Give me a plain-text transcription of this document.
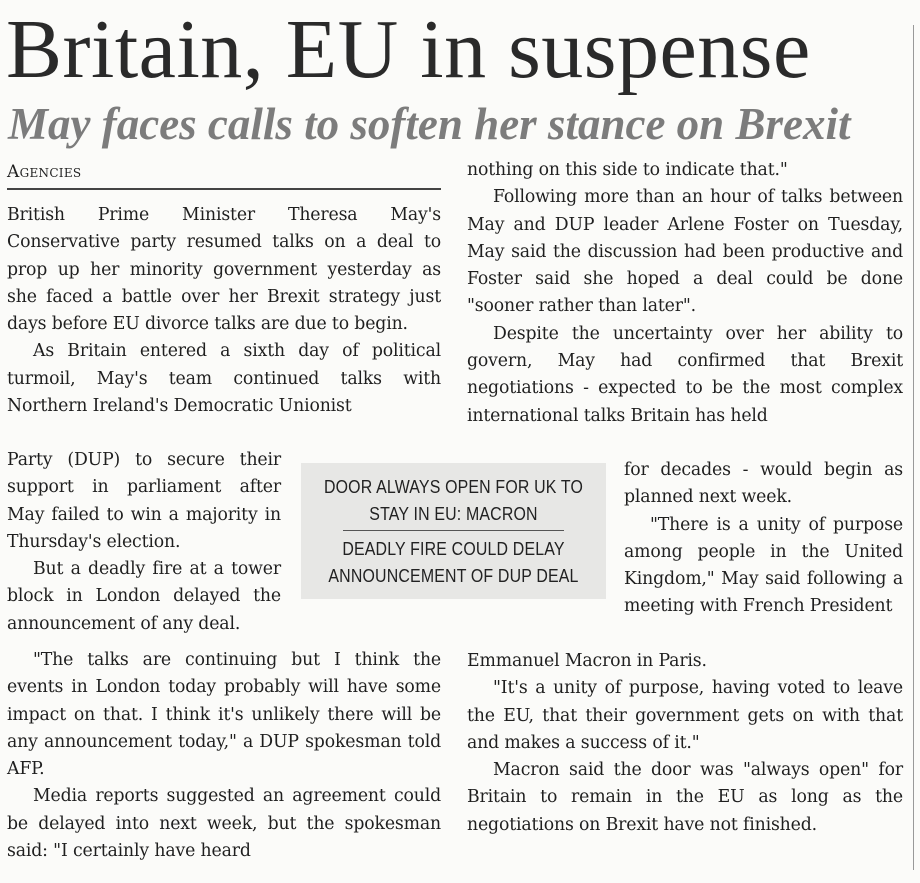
Britain, EU in suspense
May faces calls to soften her stance on Brexit
Agencies

British Prime Minister Theresa May's Conservative party resumed talks on a deal to prop up her minority government yesterday as she faced a battle over her Brexit strategy just days before EU divorce talks are due to begin.

As Britain entered a sixth day of political turmoil, May's team continued talks with Northern Ireland's Democratic Unionist

Party (DUP) to secure their support in parliament after May failed to win a majority in Thursday's election.

But a deadly fire at a tower block in London delayed the announcement of any deal.

"The talks are continuing but I think the events in London today probably will have some impact on that. I think it's unlikely there will be any announcement today," a DUP spokesman told AFP.

Media reports suggested an agreement could be delayed into next week, but the spokesman said: "I certainly have heard

nothing on this side to indicate that."

Following more than an hour of talks between May and DUP leader Arlene Foster on Tuesday, May said the discussion had been productive and Foster said she hoped a deal could be done "sooner rather than later".

Despite the uncertainty over her ability to govern, May had confirmed that Brexit negotiations - expected to be the most complex international talks Britain has held

for decades - would begin as planned next week.

"There is a unity of purpose among people in the United Kingdom," May said following a meeting with French President

Emmanuel Macron in Paris.

"It's a unity of purpose, having voted to leave the EU, that their government gets on with that and makes a success of it."

Macron said the door was "always open" for Britain to remain in the EU as long as the negotiations on Brexit have not finished.

DOOR ALWAYS OPEN FOR UK TO
STAY IN EU: MACRON
DEADLY FIRE COULD DELAY
ANNOUNCEMENT OF DUP DEAL
